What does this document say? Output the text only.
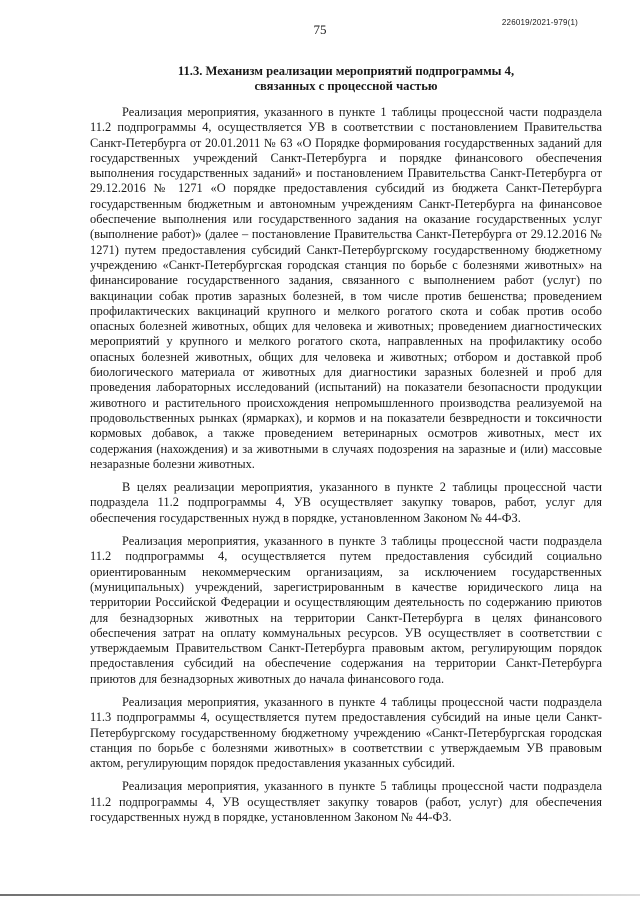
75	226019/2021-979(1)
11.3. Механизм реализации мероприятий подпрограммы 4,
связанных с процессной частью

Реализация мероприятия, указанного в пункте 1 таблицы процессной части подраздела 11.2 подпрограммы 4, осуществляется УВ в соответствии с постановлением Правительства Санкт-Петербурга от 20.01.2011 № 63 «О Порядке формирования государственных заданий для государственных учреждений Санкт-Петербурга и порядке финансового обеспечения выполнения государственных заданий» и постановлением Правительства Санкт-Петербурга от 29.12.2016 № 1271 «О порядке предоставления субсидий из бюджета Санкт-Петербурга государственным бюджетным и автономным учреждениям Санкт-Петербурга на финансовое обеспечение выполнения или государственного задания на оказание государственных услуг (выполнение работ)» (далее – постановление Правительства Санкт-Петербурга от 29.12.2016 № 1271) путем предоставления субсидий Санкт-Петербургскому государственному бюджетному учреждению «Санкт-Петербургская городская станция по борьбе с болезнями животных» на финансирование государственного задания, связанного с выполнением работ (услуг) по вакцинации собак против заразных болезней, в том числе против бешенства; проведением профилактических вакцинаций крупного и мелкого рогатого скота и собак против особо опасных болезней животных, общих для человека и животных; проведением диагностических мероприятий у крупного и мелкого рогатого скота, направленных на профилактику особо опасных болезней животных, общих для человека и животных; отбором и доставкой проб биологического материала от животных для диагностики заразных болезней и проб для проведения лабораторных исследований (испытаний) на показатели безопасности продукции животного и растительного происхождения непромышленного производства реализуемой на продовольственных рынках (ярмарках), и кормов и на показатели безвредности и токсичности кормовых добавок, а также проведением ветеринарных осмотров животных, мест их содержания (нахождения) и за животными в случаях подозрения на заразные и (или) массовые незаразные болезни животных.

В целях реализации мероприятия, указанного в пункте 2 таблицы процессной части подраздела 11.2 подпрограммы 4, УВ осуществляет закупку товаров, работ, услуг для обеспечения государственных нужд в порядке, установленном Законом № 44-ФЗ.

Реализация мероприятия, указанного в пункте 3 таблицы процессной части подраздела 11.2 подпрограммы 4, осуществляется путем предоставления субсидий социально ориентированным некоммерческим организациям, за исключением государственных (муниципальных) учреждений, зарегистрированным в качестве юридического лица на территории Российской Федерации и осуществляющим деятельность по содержанию приютов для безнадзорных животных на территории Санкт-Петербурга в целях финансового обеспечения затрат на оплату коммунальных ресурсов. УВ осуществляет в соответствии с утверждаемым Правительством Санкт-Петербурга правовым актом, регулирующим порядок предоставления субсидий на обеспечение содержания на территории Санкт-Петербурга приютов для безнадзорных животных до начала финансового года.

Реализация мероприятия, указанного в пункте 4 таблицы процессной части подраздела 11.3 подпрограммы 4, осуществляется путем предоставления субсидий на иные цели Санкт-Петербургскому государственному бюджетному учреждению «Санкт-Петербургская городская станция по борьбе с болезнями животных» в соответствии с утверждаемым УВ правовым актом, регулирующим порядок предоставления указанных субсидий.

Реализация мероприятия, указанного в пункте 5 таблицы процессной части подраздела 11.2 подпрограммы 4, УВ осуществляет закупку товаров (работ, услуг) для обеспечения государственных нужд в порядке, установленном Законом № 44-ФЗ.
